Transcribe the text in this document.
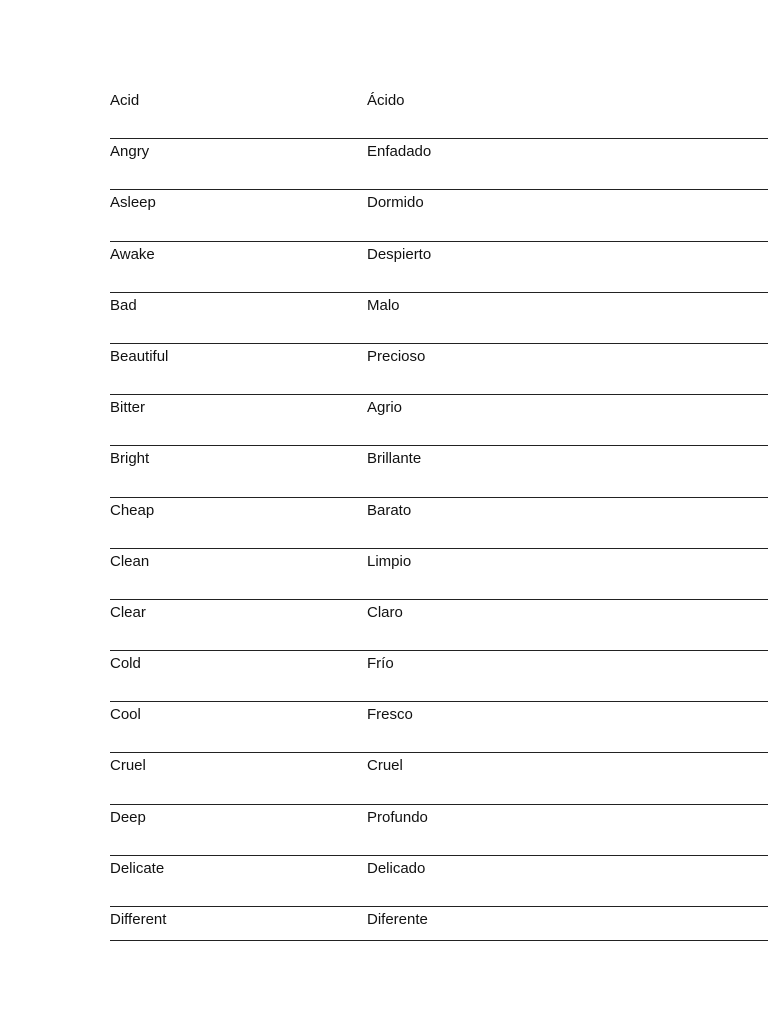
Acid	Ácido
Angry	Enfadado
Asleep	Dormido
Awake	Despierto
Bad	Malo
Beautiful	Precioso
Bitter	Agrio
Bright	Brillante
Cheap	Barato
Clean	Limpio
Clear	Claro
Cold	Frío
Cool	Fresco
Cruel	Cruel
Deep	Profundo
Delicate	Delicado
Different	Diferente
